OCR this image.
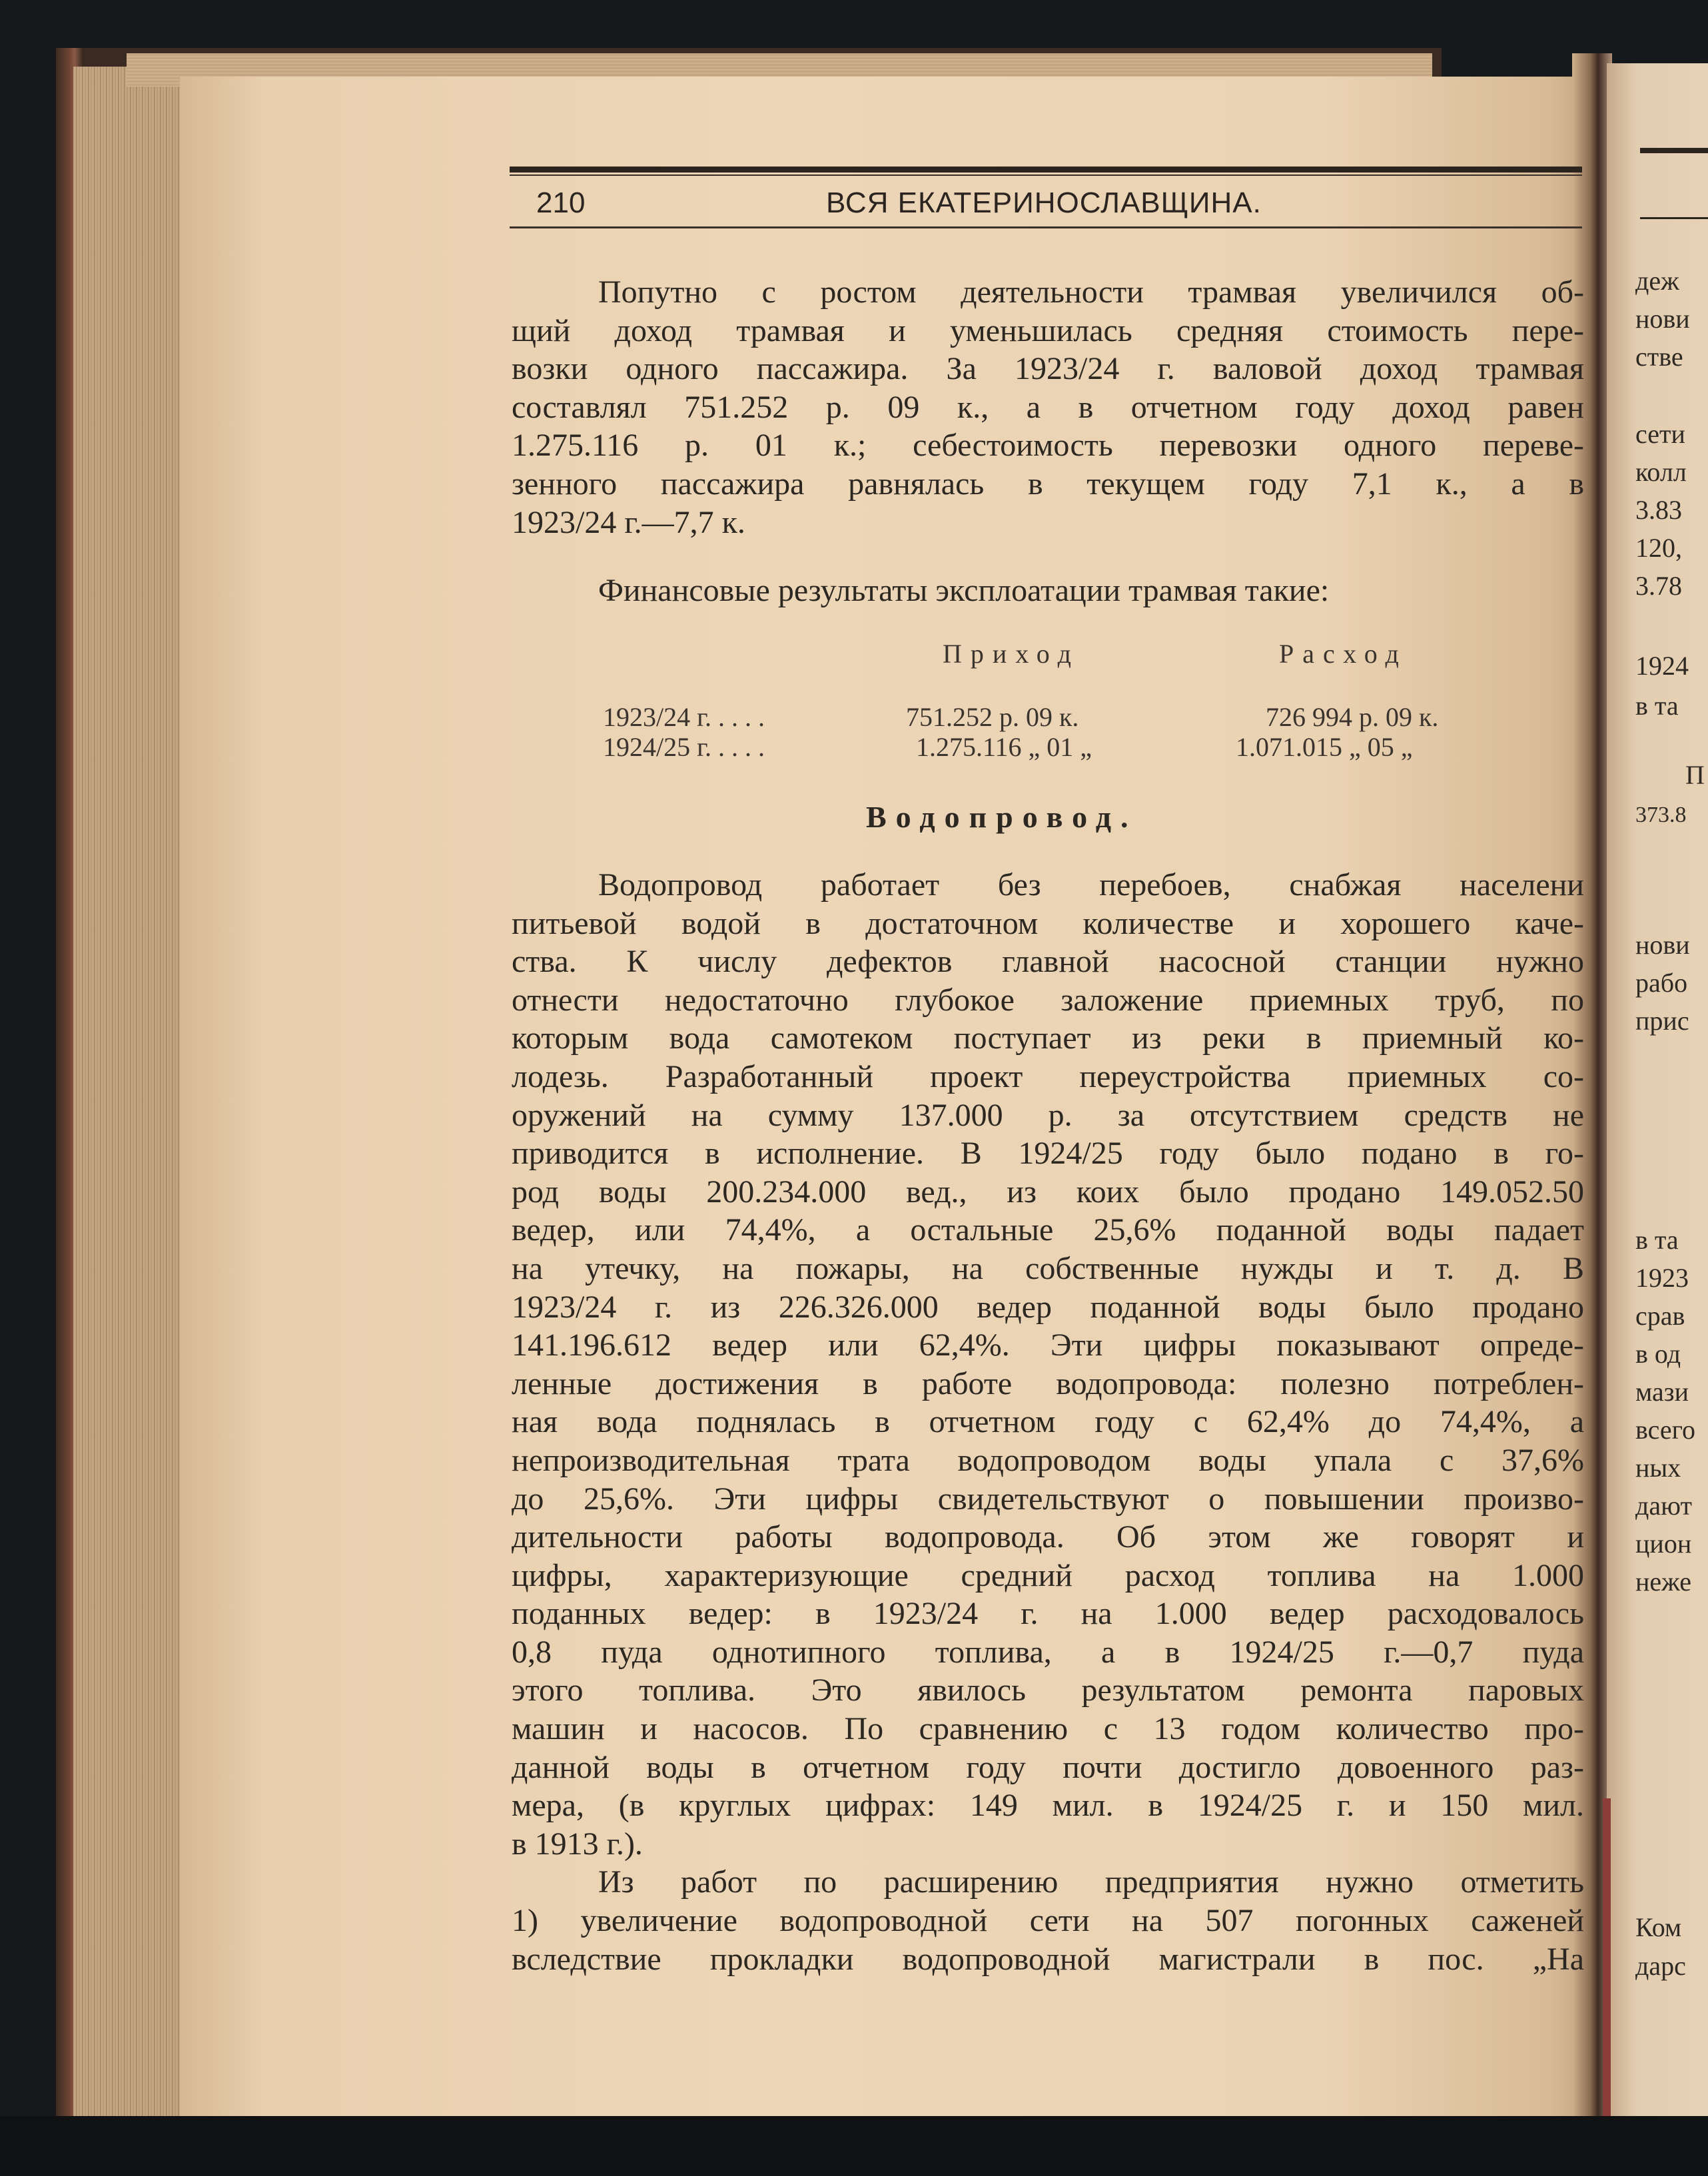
210	ВСЯ ЕКАТЕРИНОСЛАВЩИНА.
Попутно с ростом деятельности трамвая увеличился об-
щий доход трамвая и уменьшилась средняя стоимость пере-
возки одного пассажира. За 1923/24 г. валовой доход трамвая
составлял 751.252 р. 09 к., а в отчетном году доход равен
1.275.116 р. 01 к.; себестоимость перевозки одного переве-
зенного пассажира равнялась в текущем году 7,1 к., а в
1923/24 г.—7,7 к.
Финансовые результаты эксплоатации трамвая такие:
Приход	Расход
1923/24 г. . . . .	751.252 р. 09 к.	726 994 р. 09 к.
1924/25 г. . . . .	1.275.116 „ 01 „	1.071.015 „ 05 „
Водопровод.
Водопровод работает без перебоев, снабжая населени
питьевой водой в достаточном количестве и хорошего каче-
ства. К числу дефектов главной насосной станции нужно
отнести недостаточно глубокое заложение приемных труб, по
которым вода самотеком поступает из реки в приемный ко-
лодезь. Разработанный проект переустройства приемных со-
оружений на сумму 137.000 р. за отсутствием средств не
приводится в исполнение. В 1924/25 году было подано в го-
род воды 200.234.000 вед., из коих было продано 149.052.50
ведер, или 74,4%, а остальные 25,6% поданной воды падает
на утечку, на пожары, на собственные нужды и т. д. В
1923/24 г. из 226.326.000 ведер поданной воды было продано
141.196.612 ведер или 62,4%. Эти цифры показывают опреде-
ленные достижения в работе водопровода: полезно потреблен-
ная вода поднялась в отчетном году с 62,4% до 74,4%, а
непроизводительная трата водопроводом воды упала с 37,6%
до 25,6%. Эти цифры свидетельствуют о повышении произво-
дительности работы водопровода. Об этом же говорят и
цифры, характеризующие средний расход топлива на 1.000
поданных ведер: в 1923/24 г. на 1.000 ведер расходовалось
0,8 пуда однотипного топлива, а в 1924/25 г.—0,7 пуда
этого топлива. Это явилось результатом ремонта паровых
машин и насосов. По сравнению с 13 годом количество про-
данной воды в отчетном году почти достигло довоенного раз-
мера, (в круглых цифрах: 149 мил. в 1924/25 г. и 150 мил.
в 1913 г.).
Из работ по расширению предприятия нужно отметить
1) увеличение водопроводной сети на 507 погонных саженей
вследствие прокладки водопроводной магистрали в пос. „На
деж
нови
стве
сети
колл
3.83
120,
3.78
1924
в та
П
373.8
нови
рабо
прис
в та
1923
срав
в од
мази
всего
ных
дают
цион
неже
Ком
дарс
